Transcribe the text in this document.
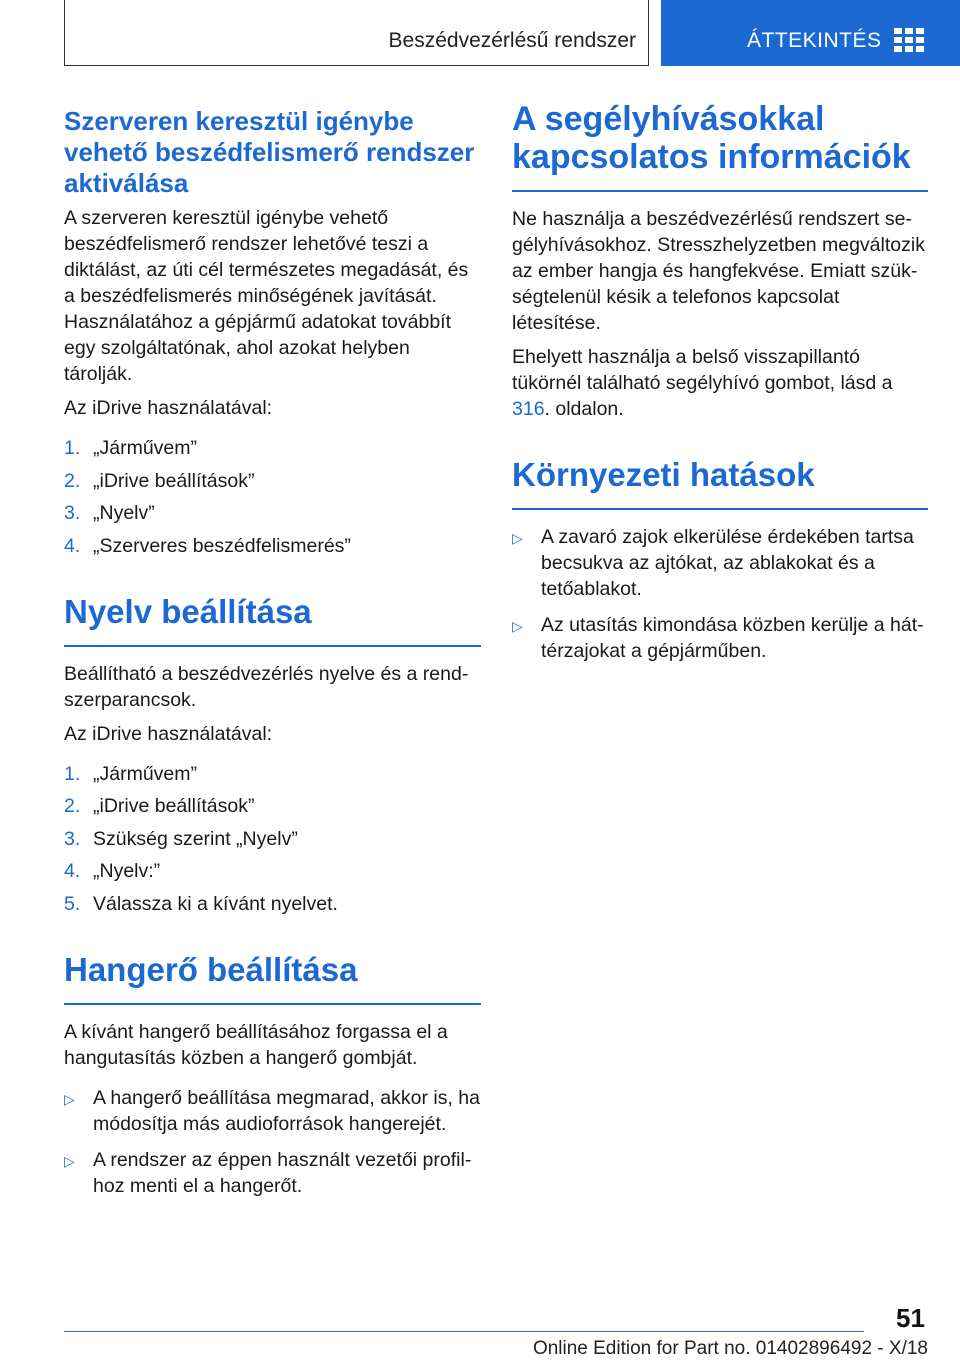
Beszédvezérlésű rendszer	ÁTTEKINTÉS
Szerveren keresztül igénybe vehető beszédfelismerő rendszer aktiválása

A szerveren keresztül igénybe vehető beszédfelismerő rendszer lehetővé teszi a diktálást, az úti cél természetes megadását, és a beszédfelismerés minőségének javítását. Használatához a gépjármű adatokat továbbít egy szolgáltatónak, ahol azokat helyben tárolják.

Az iDrive használatával:

1. „Járművem”
2. „iDrive beállítások”
3. „Nyelv”
4. „Szerveres beszédfelismerés”
Nyelv beállítása

Beállítható a beszédvezérlés nyelve és a rendszerparancsok.

Az iDrive használatával:

1. „Járművem”
2. „iDrive beállítások”
3. Szükség szerint „Nyelv”
4. „Nyelv:”
5. Válassza ki a kívánt nyelvet.
Hangerő beállítása

A kívánt hangerő beállításához forgassa el a hangutasítás közben a hangerő gombját.

▷ A hangerő beállítása megmarad, akkor is, ha módosítja más audioforrások hangerejét.
▷ A rendszer az éppen használt vezetői profilhoz menti el a hangerőt.
A segélyhívásokkal kapcsolatos információk

Ne használja a beszédvezérlésű rendszert segélyhívásokhoz. Stresszhelyzetben megváltozik az ember hangja és hangfekvése. Emiatt szükségtelenül késik a telefonos kapcsolat létesítése.

Ehelyett használja a belső visszapillantó tükörnél található segélyhívó gombot, lásd a 316. oldalon.

Környezeti hatások
▷ A zavaró zajok elkerülése érdekében tartsa becsukva az ajtókat, az ablakokat és a tetőablakot.
▷ Az utasítás kimondása közben kerülje a háttérzajokat a gépjárműben.
51
Online Edition for Part no. 01402896492 - X/18
